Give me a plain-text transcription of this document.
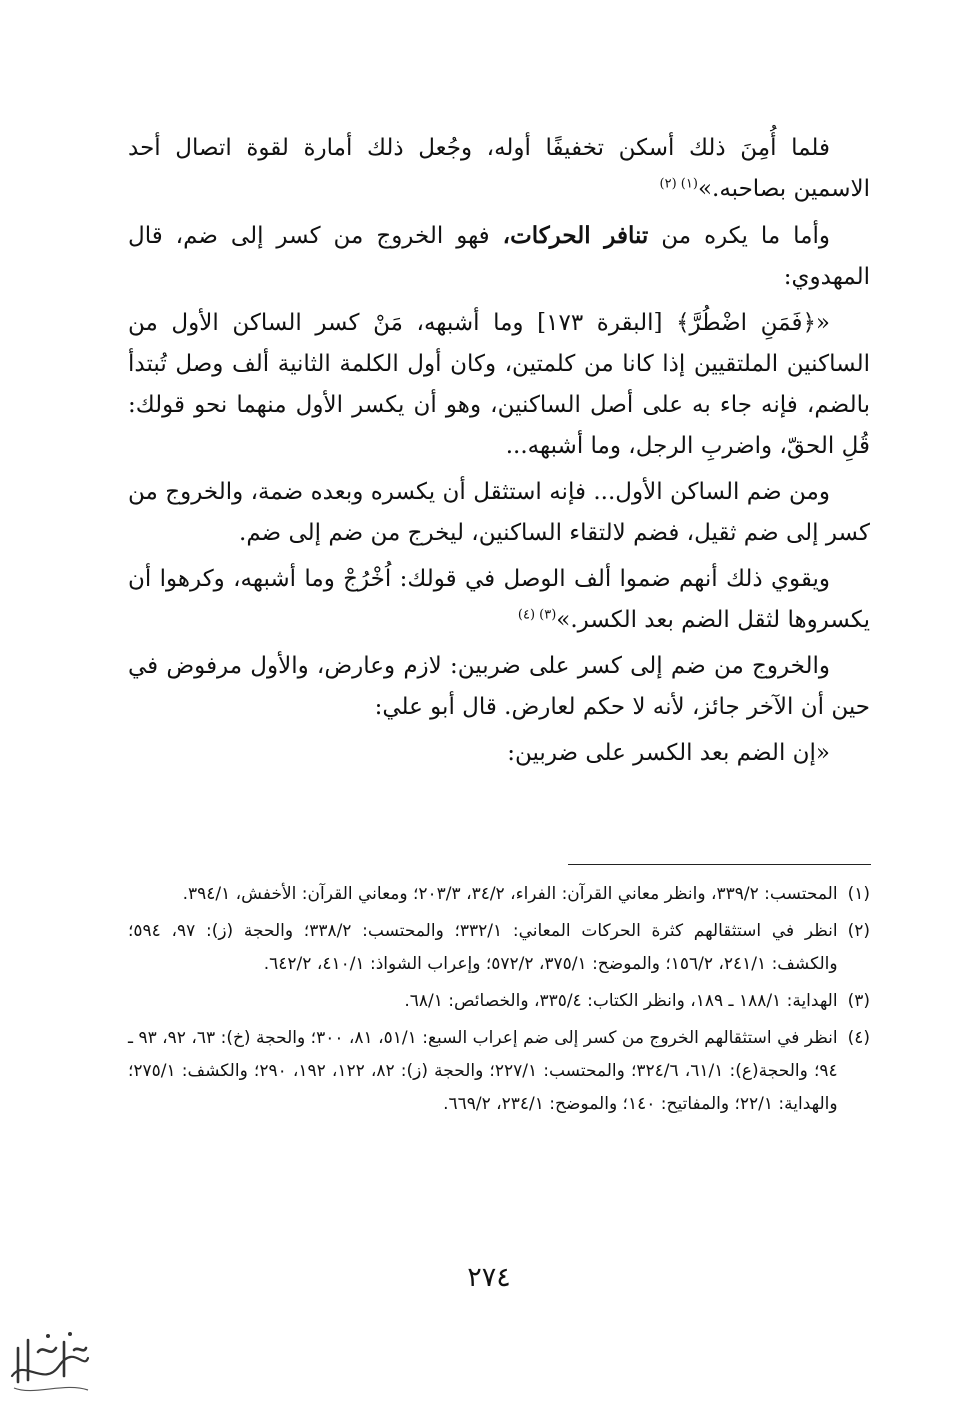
فلما أُمِنَ ذلك أسكن تخفيفًا أوله، وجُعل ذلك أمارة لقوة اتصال أحد الاسمين بصاحبه.»$^{(١) (٢)}$

وأما ما يكره من تنافر الحركات، فهو الخروج من كسر إلى ضم، قال المهدوي:

«﴿فَمَنِ اضْطُرَّ﴾ [البقرة ١٧٣] وما أشبهه، مَنْ كسر الساكن الأول من الساكنين الملتقيين إذا كانا من كلمتين، وكان أول الكلمة الثانية ألف وصل تُبتدأ بالضم، فإنه جاء به على أصل الساكنين، وهو أن يكسر الأول منهما نحو قولك: قُلِ الحقّ، واضربِ الرجل، وما أشبهه...

ومن ضم الساكن الأول... فإنه استثقل أن يكسره وبعده ضمة، والخروج من كسر إلى ضم ثقيل، فضم لالتقاء الساكنين، ليخرج من ضم إلى ضم.

ويقوي ذلك أنهم ضموا ألف الوصل في قولك: اُخْرُجْ وما أشبهه، وكرهوا أن يكسروها لثقل الضم بعد الكسر.»$^{(٣) (٤)}$

والخروج من ضم إلى كسر على ضربين: لازم وعارض، والأول مرفوض في حين أن الآخر جائز، لأنه لا حكم لعارض. قال أبو علي:

«إن الضم بعد الكسر على ضربين:

(١)
المحتسب: ٣٣٩/٢، وانظر معاني القرآن: الفراء، ٣٤/٢، ٢٠٣/٣؛ ومعاني القرآن: الأخفش، ٣٩٤/١.
(٢)
انظر في استثقالهم كثرة الحركات المعاني: ٣٣٢/١؛ والمحتسب: ٣٣٨/٢؛ والحجة (ز): ٩٧، ٥٩٤؛ والكشف: ٢٤١/١، ١٥٦/٢؛ والموضح: ٣٧٥/١، ٥٧٢/٢؛ وإعراب الشواذ: ٤١٠/١، ٦٤٢/٢.
(٣)
الهداية: ١٨٨/١ ـ ١٨٩، وانظر الكتاب: ٣٣٥/٤، والخصائص: ٦٨/١.
(٤)
انظر في استثقالهم الخروج من كسر إلى ضم إعراب السبع: ٥١/١، ٨١، ٣٠٠؛ والحجة (خ): ٦٣، ٩٢، ٩٣ ـ ٩٤؛ والحجة(ع): ٦١/١، ٣٢٤/٦؛ والمحتسب: ٢٢٧/١؛ والحجة (ز): ٨٢، ١٢٢، ١٩٢، ٢٩٠؛ والكشف: ٢٧٥/١؛ والهداية: ٢٢/١؛ والمفاتيح: ١٤٠؛ والموضح: ٢٣٤/١، ٦٦٩/٢.
٢٧٤
